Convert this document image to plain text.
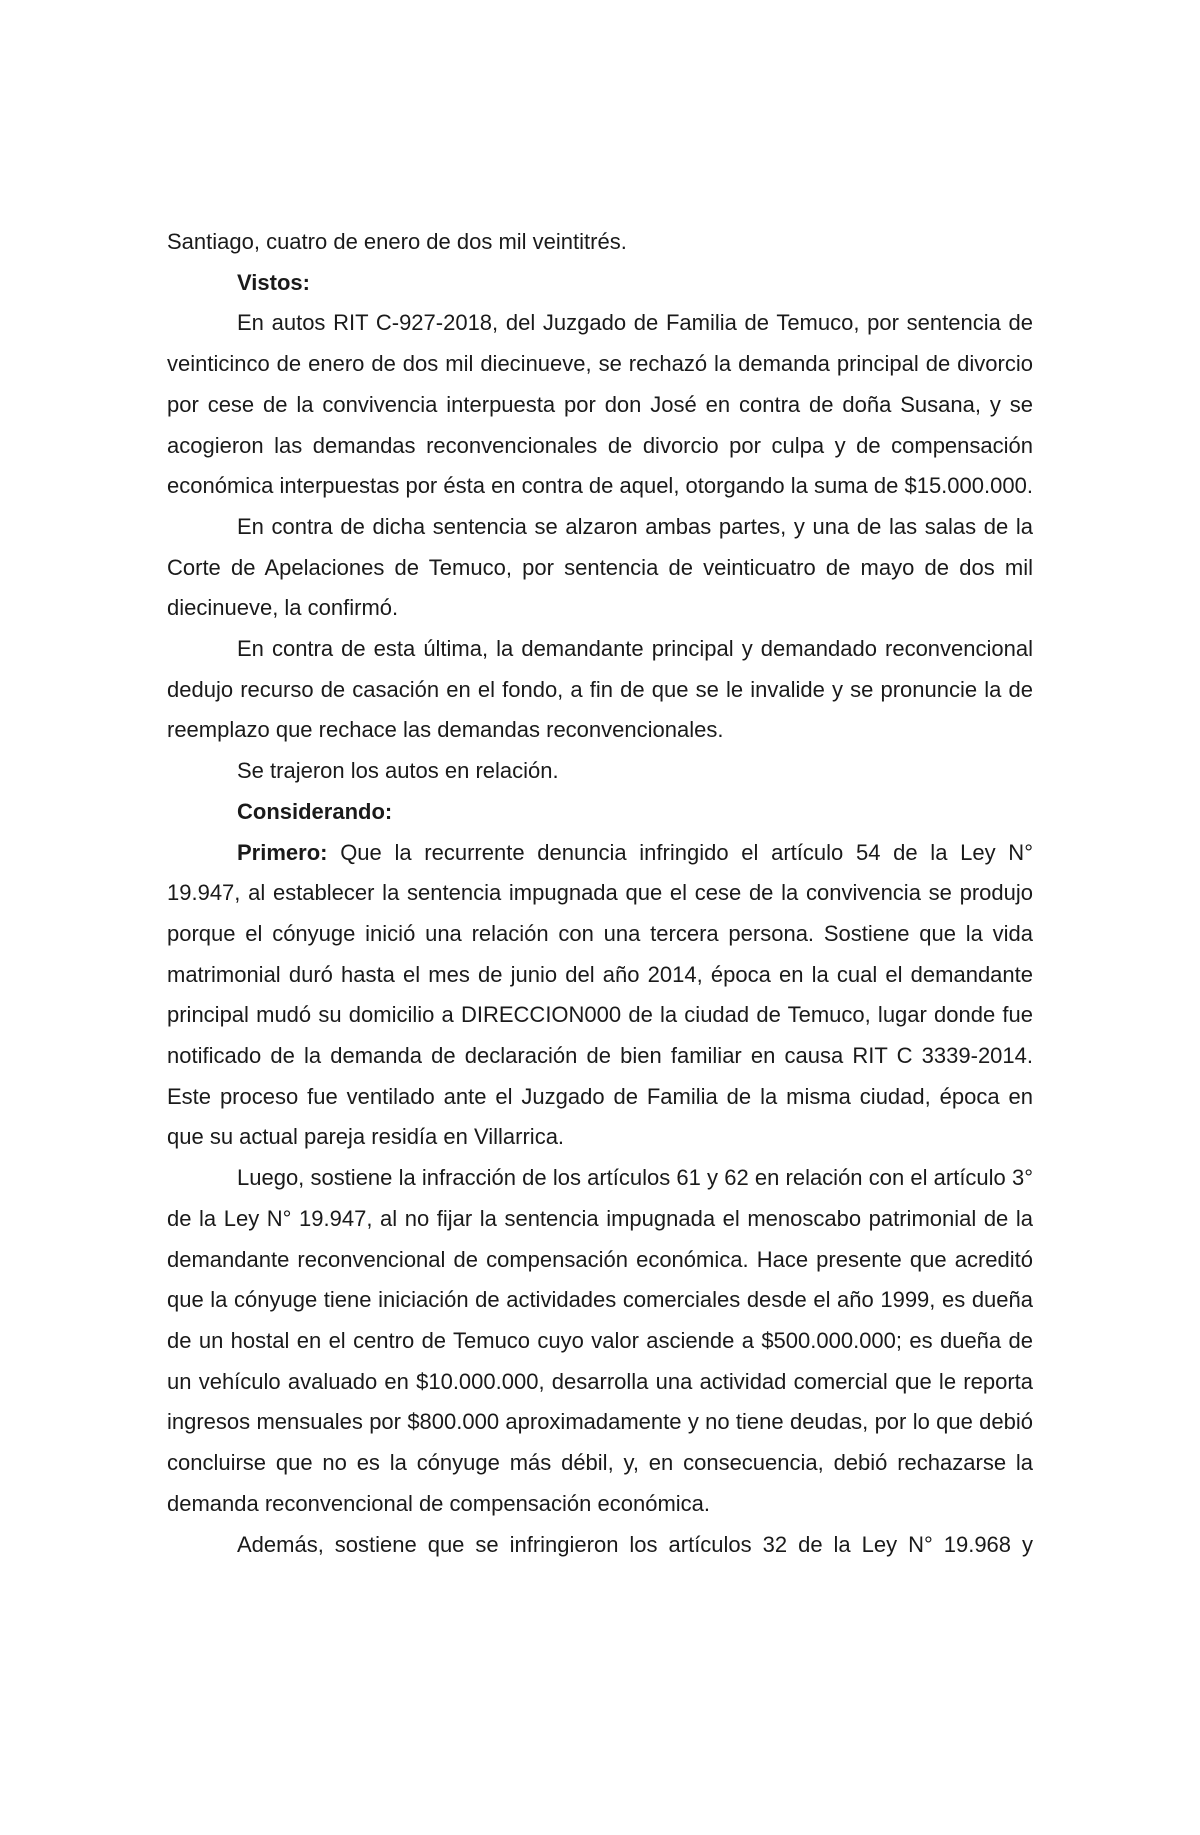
Santiago, cuatro de enero de dos mil veintitrés.

Vistos:

En autos RIT C-927-2018, del Juzgado de Familia de Temuco, por sentencia de veinticinco de enero de dos mil diecinueve, se rechazó la demanda principal de divorcio por cese de la convivencia interpuesta por don José en contra de doña Susana, y se acogieron las demandas reconvencionales de divorcio por culpa y de compensación económica interpuestas por ésta en contra de aquel, otorgando la suma de $15.000.000.

En contra de dicha sentencia se alzaron ambas partes, y una de las salas de la Corte de Apelaciones de Temuco, por sentencia de veinticuatro de mayo de dos mil diecinueve, la confirmó.

En contra de esta última, la demandante principal y demandado reconvencional dedujo recurso de casación en el fondo, a fin de que se le invalide y se pronuncie la de reemplazo que rechace las demandas reconvencionales.

Se trajeron los autos en relación.

Considerando:

Primero: Que la recurrente denuncia infringido el artículo 54 de la Ley N° 19.947, al establecer la sentencia impugnada que el cese de la convivencia se produjo porque el cónyuge inició una relación con una tercera persona. Sostiene que la vida matrimonial duró hasta el mes de junio del año 2014, época en la cual el demandante principal mudó su domicilio a DIRECCION000 de la ciudad de Temuco, lugar donde fue notificado de la demanda de declaración de bien familiar en causa RIT C 3339-2014. Este proceso fue ventilado ante el Juzgado de Familia de la misma ciudad, época en que su actual pareja residía en Villarrica.

Luego, sostiene la infracción de los artículos 61 y 62 en relación con el artículo 3° de la Ley N° 19.947, al no fijar la sentencia impugnada el menoscabo patrimonial de la demandante reconvencional de compensación económica. Hace presente que acreditó que la cónyuge tiene iniciación de actividades comerciales desde el año 1999, es dueña de un hostal en el centro de Temuco cuyo valor asciende a $500.000.000; es dueña de un vehículo avaluado en $10.000.000, desarrolla una actividad comercial que le reporta ingresos mensuales por $800.000 aproximadamente y no tiene deudas, por lo que debió concluirse que no es la cónyuge más débil, y, en consecuencia, debió rechazarse la demanda reconvencional de compensación económica.

Además, sostiene que se infringieron los artículos 32 de la Ley N° 19.968 y
